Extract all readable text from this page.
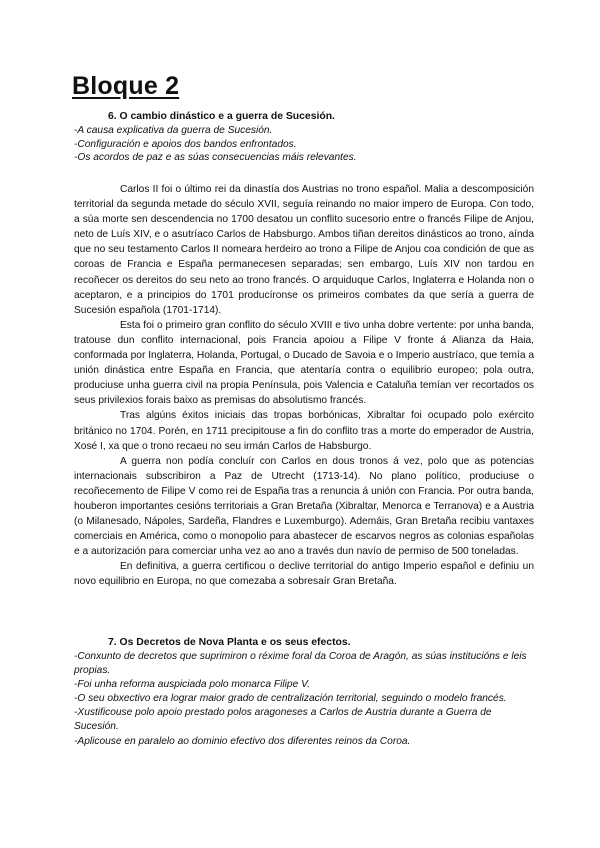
Bloque 2

6. O cambio dinástico e a guerra de Sucesión.

-A causa explicativa da guerra de Sucesión.
-Configuración e apoios dos bandos enfrontados.
-Os acordos de paz e as súas consecuencias máis relevantes.

Carlos II foi o último rei da dinastía dos Austrias no trono español. Malia a descomposición territorial da segunda metade do século XVII, seguía reinando no maior impero de Europa. Con todo, a súa morte sen descendencia no 1700 desatou un conflito sucesorio entre o francés Filipe de Anjou, neto de Luís XIV, e o asutríaco Carlos de Habsburgo. Ambos tiñan dereitos dinásticos ao trono, aínda que no seu testamento Carlos II nomeara herdeiro ao trono a Filipe de Anjou coa condición de que as coroas de Francia e España permanecesen separadas; sen embargo, Luís XIV non tardou en recoñecer os dereitos do seu neto ao trono francés. O arquiduque Carlos, Inglaterra e Holanda non o aceptaron, e a principios do 1701 producíronse os primeiros combates da que sería a guerra de Sucesión española (1701-1714).

Esta foi o primeiro gran conflito do século XVIII e tivo unha dobre vertente: por unha banda, tratouse dun conflito internacional, pois Francia apoiou a Filipe V fronte á Alianza da Haia, conformada por Inglaterra, Holanda, Portugal, o Ducado de Savoia e o Imperio austríaco, que temía a unión dinástica entre España en Francia, que atentaría contra o equilibrio europeo; pola outra, produciuse unha guerra civil na propia Península, pois Valencia e Cataluña temían ver recortados os seus privilexios forais baixo as premisas do absolutismo francés.

Tras algúns éxitos iniciais das tropas borbónicas, Xibraltar foi ocupado polo exército británico no 1704. Porén, en 1711 precipitouse a fin do conflito tras a morte do emperador de Austria, Xosé I, xa que o trono recaeu no seu irmán Carlos de Habsburgo.

A guerra non podía concluír con Carlos en dous tronos á vez, polo que as potencias internacionais subscribiron a Paz de Utrecht (1713-14). No plano político, produciuse o recoñecemento de Filipe V como rei de España tras a renuncia á unión con Francia. Por outra banda, houberon importantes cesións territoriais a Gran Bretaña (Xibraltar, Menorca e Terranova) e a Austria (o Milanesado, Nápoles, Sardeña, Flandres e Luxemburgo). Ademáis, Gran Bretaña recibiu vantaxes comerciais en América, como o monopolio para abastecer de escarvos negros as colonias españolas e a autorización para comerciar unha vez ao ano a través dun navío de permiso de 500 toneladas.

En definitiva, a guerra certificou o declive territorial do antigo Imperio español e definiu un novo equilibrio en Europa, no que comezaba a sobresaír Gran Bretaña.

7. Os Decretos de Nova Planta e os seus efectos.

-Conxunto de decretos que suprimiron o réxime foral da Coroa de Aragón, as súas institucións e leis propias.
-Foi unha reforma auspiciada polo monarca Filipe V.
-O seu obxectivo era lograr maior grado de centralización territorial, seguindo o modelo francés.
-Xustificouse polo apoio prestado polos aragoneses a Carlos de Austria durante a Guerra de Sucesión.
-Aplicouse en paralelo ao dominio efectivo dos diferentes reinos da Coroa.
